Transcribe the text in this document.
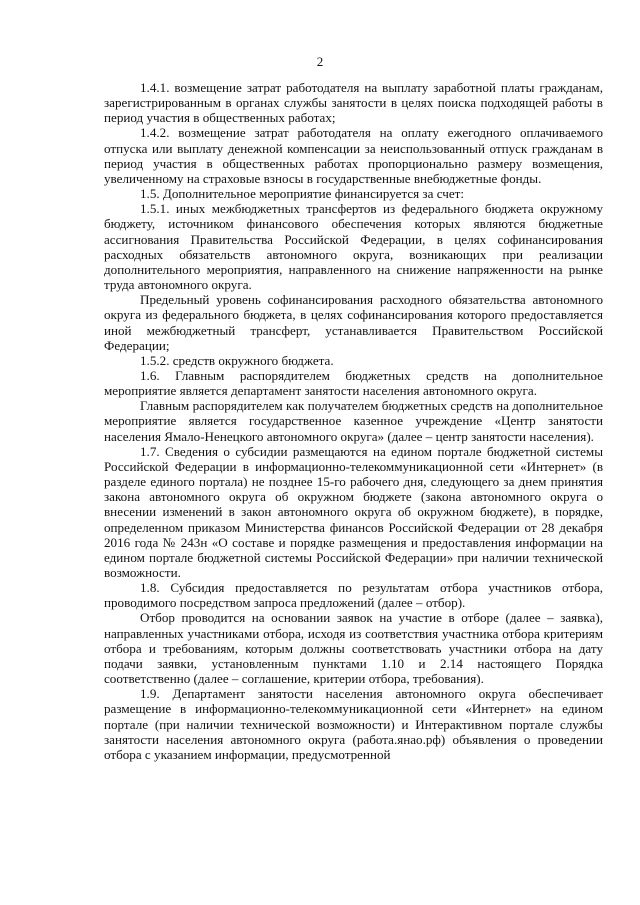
2

1.4.1. возмещение затрат работодателя на выплату заработной платы гражданам, зарегистрированным в органах службы занятости в целях поиска подходящей работы в период участия в общественных работах;

1.4.2. возмещение затрат работодателя на оплату ежегодного оплачиваемого отпуска или выплату денежной компенсации за неиспользованный отпуск гражданам в период участия в общественных работах пропорционально размеру возмещения, увеличенному на страховые взносы в государственные внебюджетные фонды.

1.5. Дополнительное мероприятие финансируется за счет:

1.5.1. иных межбюджетных трансфертов из федерального бюджета окружному бюджету, источником финансового обеспечения которых являются бюджетные ассигнования Правительства Российской Федерации, в целях софинансирования расходных обязательств автономного округа, возникающих при реализации дополнительного мероприятия, направленного на снижение напряженности на рынке труда автономного округа.

Предельный уровень софинансирования расходного обязательства автономного округа из федерального бюджета, в целях софинансирования которого предоставляется иной межбюджетный трансферт, устанавливается Правительством Российской Федерации;

1.5.2. средств окружного бюджета.

1.6. Главным распорядителем бюджетных средств на дополнительное мероприятие является департамент занятости населения автономного округа.

Главным распорядителем как получателем бюджетных средств на дополнительное мероприятие является государственное казенное учреждение «Центр занятости населения Ямало-Ненецкого автономного округа» (далее – центр занятости населения).

1.7. Сведения о субсидии размещаются на едином портале бюджетной системы Российской Федерации в информационно-телекоммуникационной сети «Интернет» (в разделе единого портала) не позднее 15-го рабочего дня, следующего за днем принятия закона автономного округа об окружном бюджете (закона автономного округа о внесении изменений в закон автономного округа об окружном бюджете), в порядке, определенном приказом Министерства финансов Российской Федерации от 28 декабря 2016 года № 243н «О составе и порядке размещения и предоставления информации на едином портале бюджетной системы Российской Федерации» при наличии технической возможности.

1.8. Субсидия предоставляется по результатам отбора участников отбора, проводимого посредством запроса предложений (далее – отбор).

Отбор проводится на основании заявок на участие в отборе (далее – заявка), направленных участниками отбора, исходя из соответствия участника отбора критериям отбора и требованиям, которым должны соответствовать участники отбора на дату подачи заявки, установленным пунктами 1.10 и 2.14 настоящего Порядка соответственно (далее – соглашение, критерии отбора, требования).

1.9. Департамент занятости населения автономного округа обеспечивает размещение в информационно-телекоммуникационной сети «Интернет» на едином портале (при наличии технической возможности) и Интерактивном портале службы занятости населения автономного округа (работа.янао.рф) объявления о проведении отбора с указанием информации, предусмотренной
